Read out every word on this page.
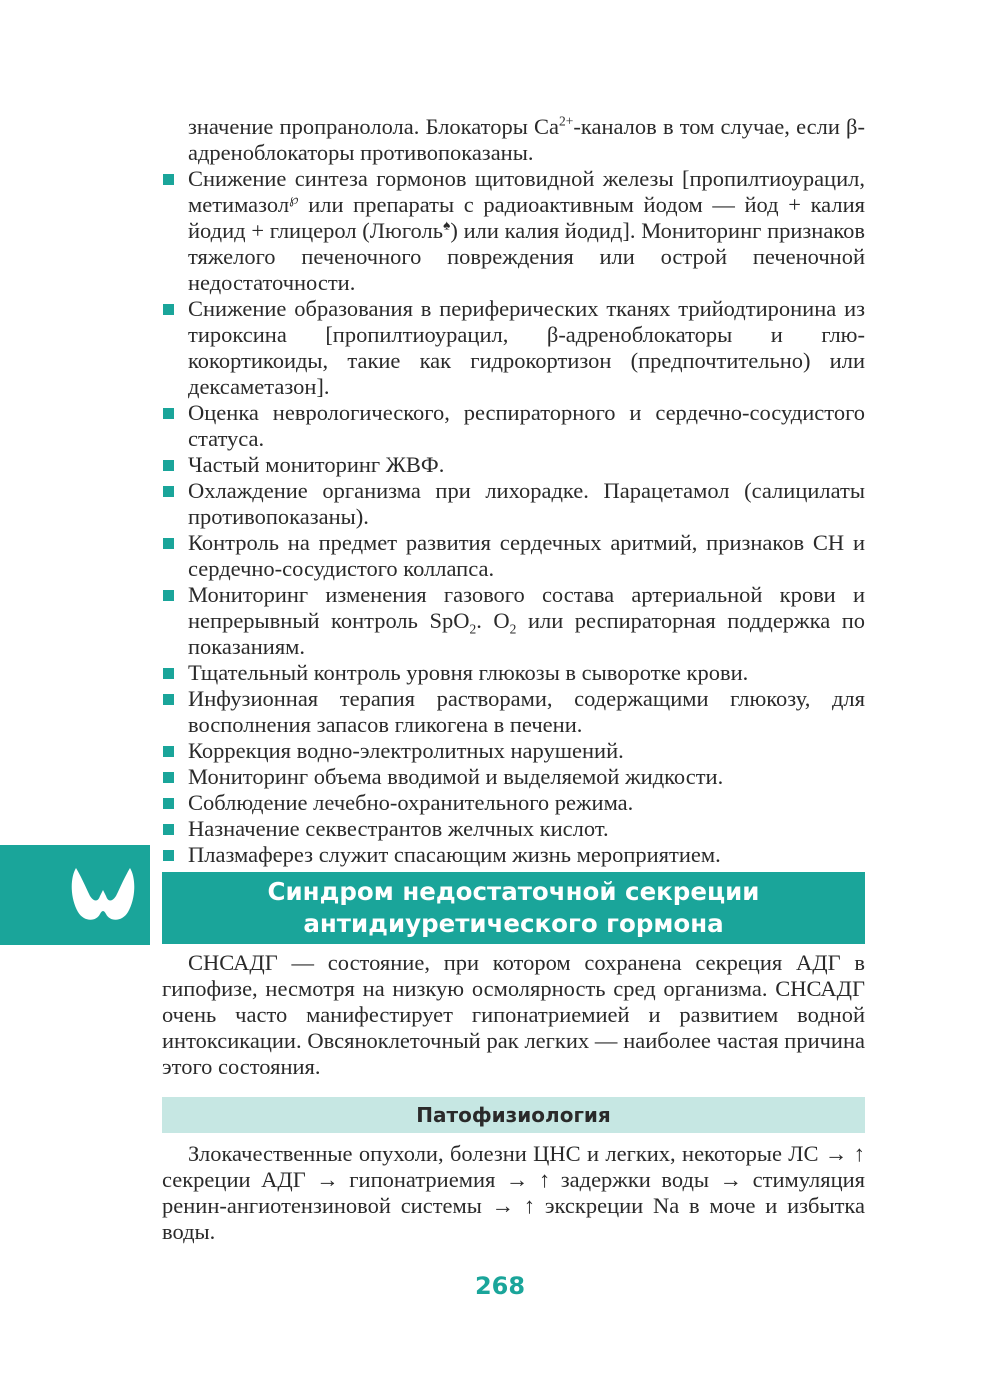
значение пропранолола. Блокаторы $Ca^{2+}$-каналов в том случае, если β-адреноблокаторы противопоказаны.

Снижение синтеза гормонов щитовидной железы [пропилтиоурацил, метимазол℘ или препараты с радиоактивным йодом — йод + калия йодид + глицерол (Люголь♠) или калия йодид]. Мониторинг признаков тяжелого печеночного повреждения или острой печеночной недостаточности.
Снижение образования в периферических тканях трийодтиронина из тироксина [пропилтиоурацил, β-адреноблокаторы и глюкокортикоиды, такие как гидрокортизон (предпочтительно) или дексаметазон].
Оценка неврологического, респираторного и сердечно-сосудистого статуса.
Частый мониторинг ЖВФ.
Охлаждение организма при лихорадке. Парацетамол (салицилаты противопоказаны).
Контроль на предмет развития сердечных аритмий, признаков СН и сердечно-сосудистого коллапса.
Мониторинг изменения газового состава артериальной крови и непрерывный контроль SpO$_2$. $O_2$ или респираторная поддержка по показаниям.
Тщательный контроль уровня глюкозы в сыворотке крови.
Инфузионная терапия растворами, содержащими глюкозу, для восполнения запасов гликогена в печени.
Коррекция водно-электролитных нарушений.
Мониторинг объема вводимой и выделяемой жидкости.
Соблюдение лечебно-охранительного режима.
Назначение секвестрантов желчных кислот.
Плазмаферез служит спасающим жизнь мероприятием.
Синдром недостаточной секреции
антидиуретического гормона

СНСАДГ — состояние, при котором сохранена секреция АДГ в гипофизе, несмотря на низкую осмолярность сред организма. СНСАДГ очень часто манифестирует гипонатриемией и развитием водной интоксикации. Овсяноклеточный рак легких — наиболее частая причина этого состояния.

Патофизиология

Злокачественные опухоли, болезни ЦНС и легких, некоторые ЛС → ↑ секреции АДГ → гипонатриемия → ↑ задержки воды → стимуляция ренин-ангиотензиновой системы → ↑ экскреции Na в моче и избытка воды.

268
